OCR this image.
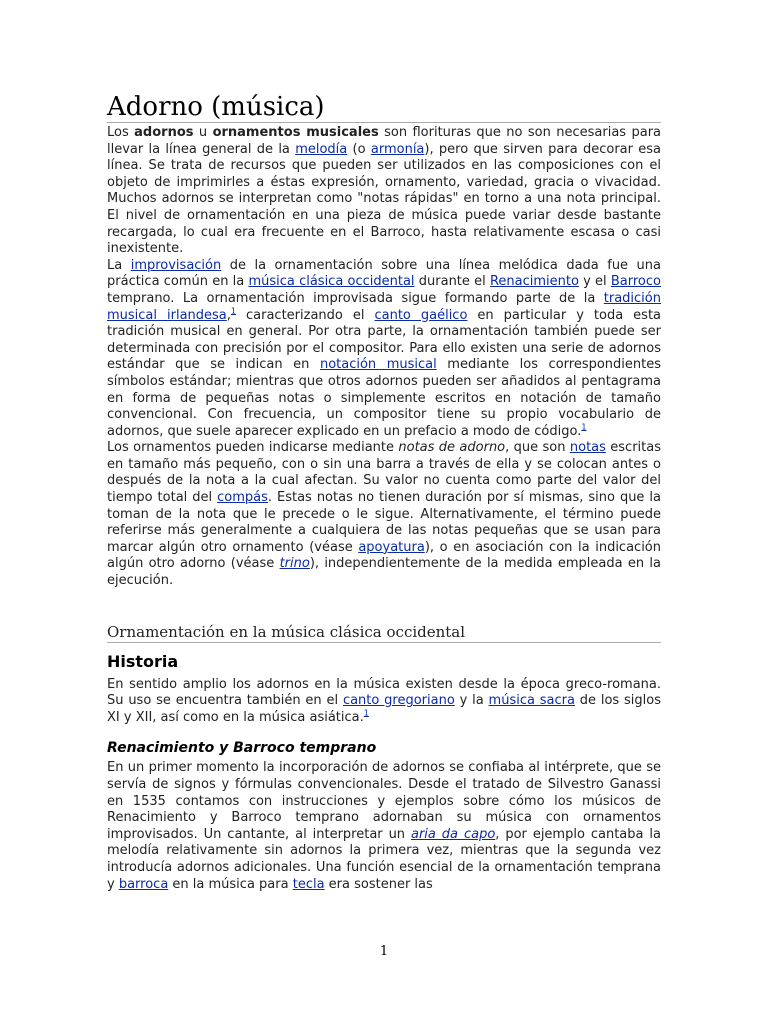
Adorno (música)

Los adornos u ornamentos musicales son florituras que no son necesarias para llevar la línea general de la melodía (o armonía), pero que sirven para decorar esa línea. Se trata de recursos que pueden ser utilizados en las composiciones con el objeto de imprimirles a éstas expresión, ornamento, variedad, gracia o vivacidad. Muchos adornos se interpretan como "notas rápidas" en torno a una nota principal. El nivel de ornamentación en una pieza de música puede variar desde bastante recargada, lo cual era frecuente en el Barroco, hasta relativamente escasa o casi inexistente.

La improvisación de la ornamentación sobre una línea melódica dada fue una práctica común en la música clásica occidental durante el Renacimiento y el Barroco temprano. La ornamentación improvisada sigue formando parte de la tradición musical irlandesa,$^1$ caracterizando el canto gaélico en particular y toda esta tradición musical en general. Por otra parte, la ornamentación también puede ser determinada con precisión por el compositor. Para ello existen una serie de adornos estándar que se indican en notación musical mediante los correspondientes símbolos estándar; mientras que otros adornos pueden ser añadidos al pentagrama en forma de pequeñas notas o simplemente escritos en notación de tamaño convencional. Con frecuencia, un compositor tiene su propio vocabulario de adornos, que suele aparecer explicado en un prefacio a modo de código.$^1$

Los ornamentos pueden indicarse mediante notas de adorno, que son notas escritas en tamaño más pequeño, con o sin una barra a través de ella y se colocan antes o después de la nota a la cual afectan. Su valor no cuenta como parte del valor del tiempo total del compás. Estas notas no tienen duración por sí mismas, sino que la toman de la nota que le precede o le sigue. Alternativamente, el término puede referirse más generalmente a cualquiera de las notas pequeñas que se usan para marcar algún otro ornamento (véase apoyatura), o en asociación con la indicación algún otro adorno (véase trino), independientemente de la medida empleada en la ejecución.

Ornamentación en la música clásica occidental
Historia

En sentido amplio los adornos en la música existen desde la época greco-romana. Su uso se encuentra también en el canto gregoriano y la música sacra de los siglos XI y XII, así como en la música asiática.$^1$

Renacimiento y Barroco temprano

En un primer momento la incorporación de adornos se confiaba al intérprete, que se servía de signos y fórmulas convencionales. Desde el tratado de Silvestro Ganassi en 1535 contamos con instrucciones y ejemplos sobre cómo los músicos de Renacimiento y Barroco temprano adornaban su música con ornamentos improvisados. Un cantante, al interpretar un aria da capo, por ejemplo cantaba la melodía relativamente sin adornos la primera vez, mientras que la segunda vez introducía adornos adicionales. Una función esencial de la ornamentación temprana y barroca en la música para tecla era sostener las

1
